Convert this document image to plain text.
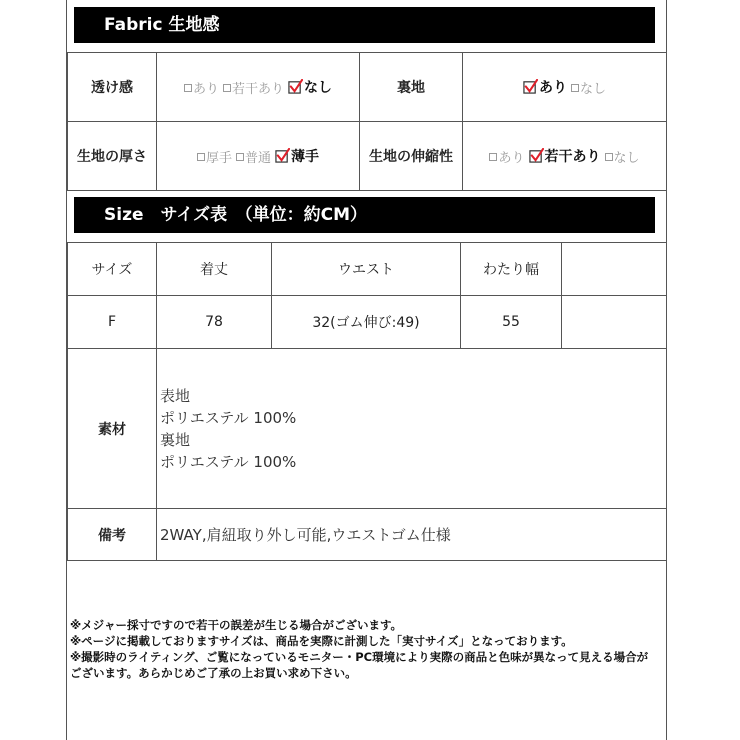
Fabric 生地感
透け感	あり 若干あり なし	裏地	あり なし
生地の厚さ	厚手 普通 薄手	生地の伸縮性	あり 若干あり なし
Size　サイズ表　（単位：約CM）
サイズ	着丈	ウエスト	わたり幅	
F	78	32(ゴム伸び:49)	55	
素材	表地
ポリエステル 100%
裏地
ポリエステル 100%			

備考	2WAY,肩紐取り外し可能,ウエストゴム仕様			
※メジャー採寸ですので若干の誤差が生じる場合がございます。
※ページに掲載しておりますサイズは、商品を実際に計測した「実寸サイズ」となっております。
※撮影時のライティング、ご覧になっているモニター・PC環境により実際の商品と色味が異なって見える場合が
ございます。あらかじめご了承の上お買い求め下さい。
